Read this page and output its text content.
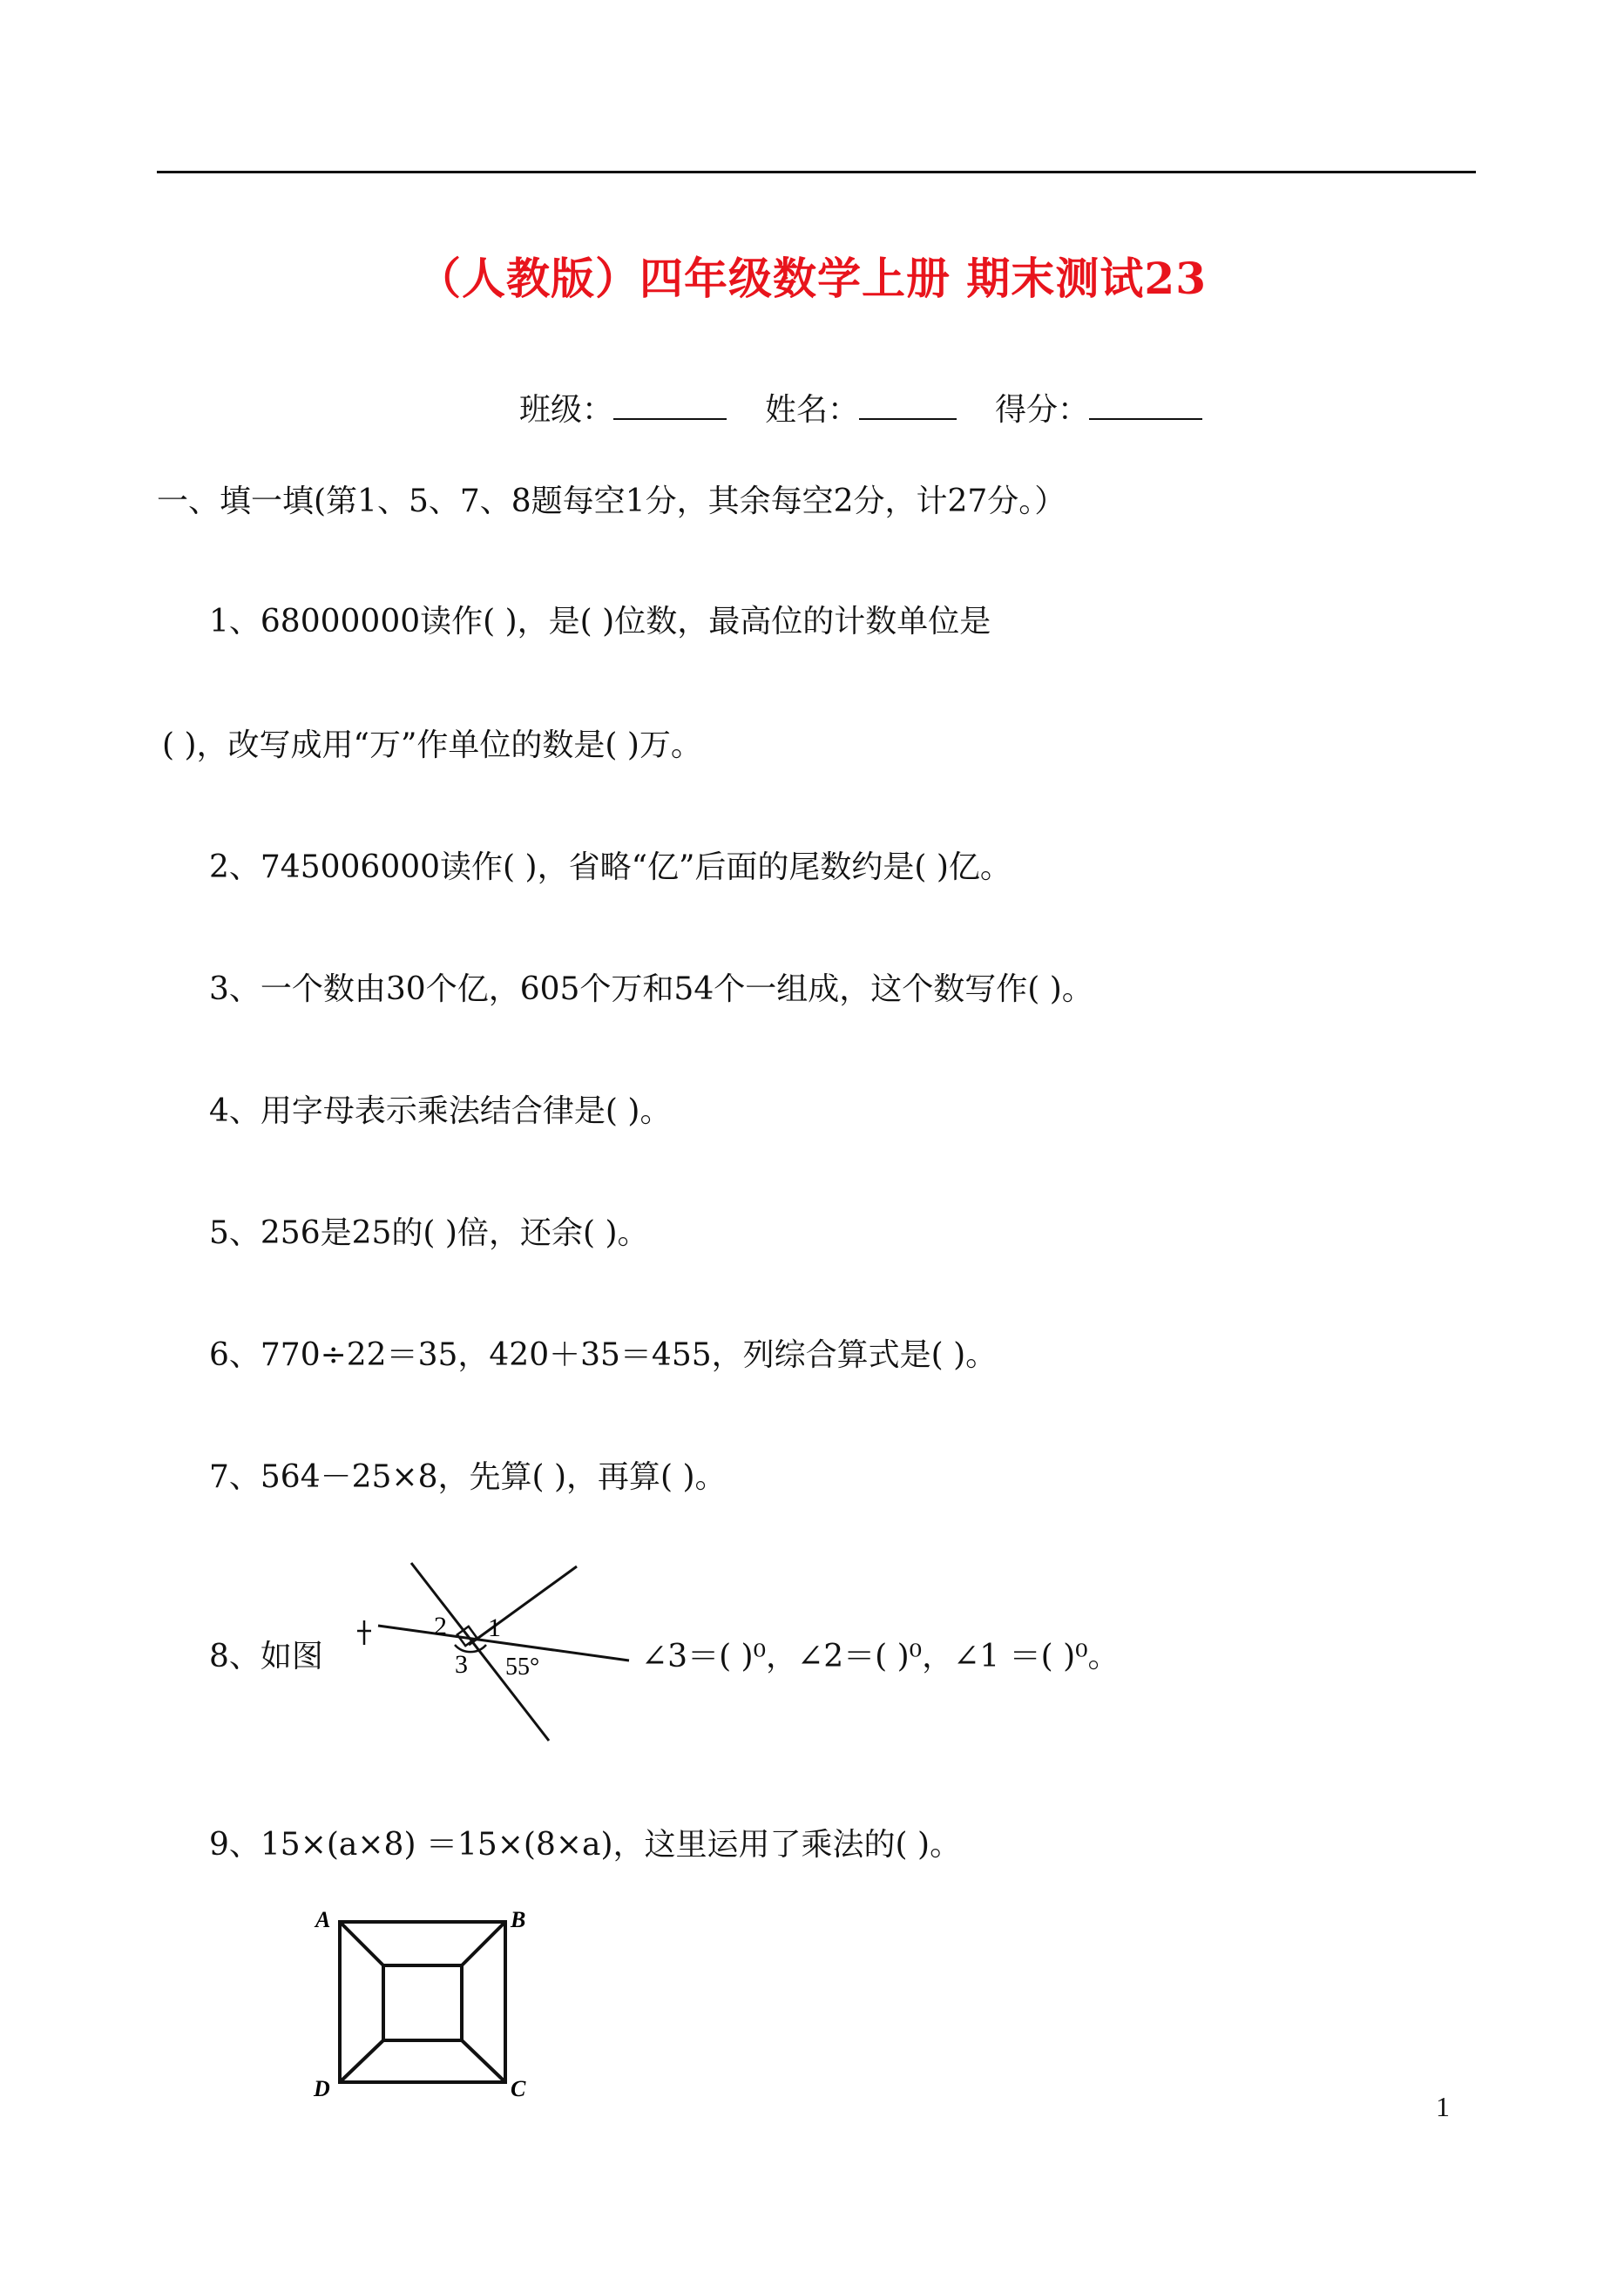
（人教版）四年级数学上册 期末测试23
班级：	姓名：	得分：
一、填一填(第1、5、7、8题每空1分，其余每空2分，计27分。）
1、68000000读作( )，是( )位数，最高位的计数单位是
( )，改写成用“万”作单位的数是( )万。
2、745006000读作( )，省略“亿”后面的尾数约是( )亿。
3、一个数由30个亿，605个万和54个一组成，这个数写作( )。
4、用字母表示乘法结合律是( )。
5、256是25的( )倍，还余( )。
6、770÷22＝35，420＋35＝455，列综合算式是( )。
7、564－25×8，先算( )，再算( )。
8、如图
2 1
3 55°	∠3＝( )⁰，∠2＝( )⁰，∠1 ＝( )⁰。
9、15×(a×8) ＝15×(8×a)，这里运用了乘法的( )。
A	B
C
D
1
